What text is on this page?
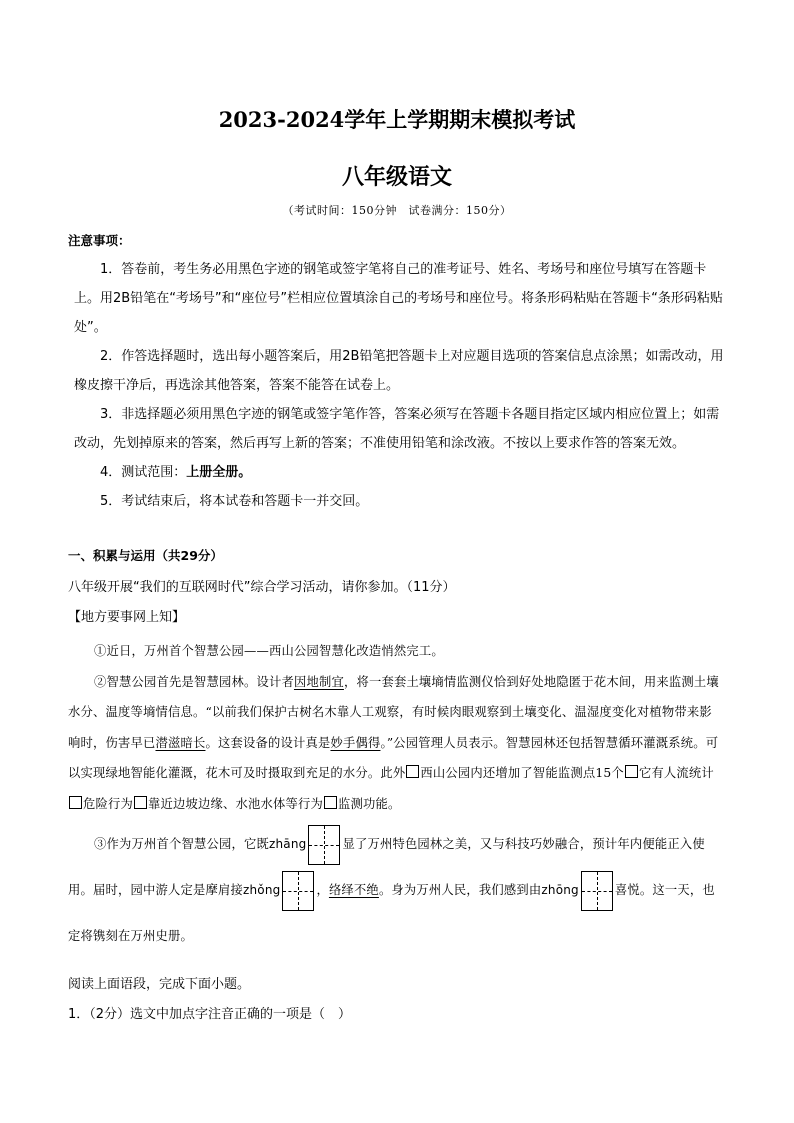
2023-2024学年上学期期末模拟考试
八年级语文
（考试时间：150分钟　试卷满分：150分）
注意事项：

1．答卷前，考生务必用黑色字迹的钢笔或签字笔将自己的准考证号、姓名、考场号和座位号填写在答题卡上。用2B铅笔在“考场号”和“座位号”栏相应位置填涂自己的考场号和座位号。将条形码粘贴在答题卡“条形码粘贴处”。

2．作答选择题时，选出每小题答案后，用2B铅笔把答题卡上对应题目选项的答案信息点涂黑；如需改动，用橡皮擦干净后，再选涂其他答案，答案不能答在试卷上。

3．非选择题必须用黑色字迹的钢笔或签字笔作答，答案必须写在答题卡各题目指定区域内相应位置上；如需改动，先划掉原来的答案，然后再写上新的答案；不准使用铅笔和涂改液。不按以上要求作答的答案无效。

4．测试范围：上册全册。

5．考试结束后，将本试卷和答题卡一并交回。

一、积累与运用（共29分）
八年级开展“我们的互联网时代”综合学习活动，请你参加。（11分）
【地方要事网上知】

①近日，万州首个智慧公园——西山公园智慧化改造悄然完工。

②智慧公园首先是智慧园林。设计者因地制宜，将一套套土壤墒情监测仪恰到好处地隐匿于花木间，用来监测土壤水分、温度等墒情信息。“以前我们保护古树名木靠人工观察，有时候肉眼观察到土壤变化、温湿度变化对植物带来影响时，伤害早已潜滋暗长。这套设备的设计真是妙手偶得。”公园管理人员表示。智慧园林还包括智慧循环灌溉系统。可以实现绿地智能化灌溉，花木可及时摄取到充足的水分。此外 西山公园内还增加了智能监测点15个 它有人流统计危险行为 靠近边坡边缘、水池水体等行为 监测功能。

③作为万州首个智慧公园，它既zhāng	显了万州特色园林之美，又与科技巧妙融合，预计年内便能正入使用。届时，园中游人定是摩肩接zhǒng	，络绎不绝。身为万州人民，我们感到由zhōng	喜悦。这一天，也定将镌刻在万州史册。

阅读上面语段，完成下面小题。
1．（2分）选文中加点字注音正确的一项是（　）
